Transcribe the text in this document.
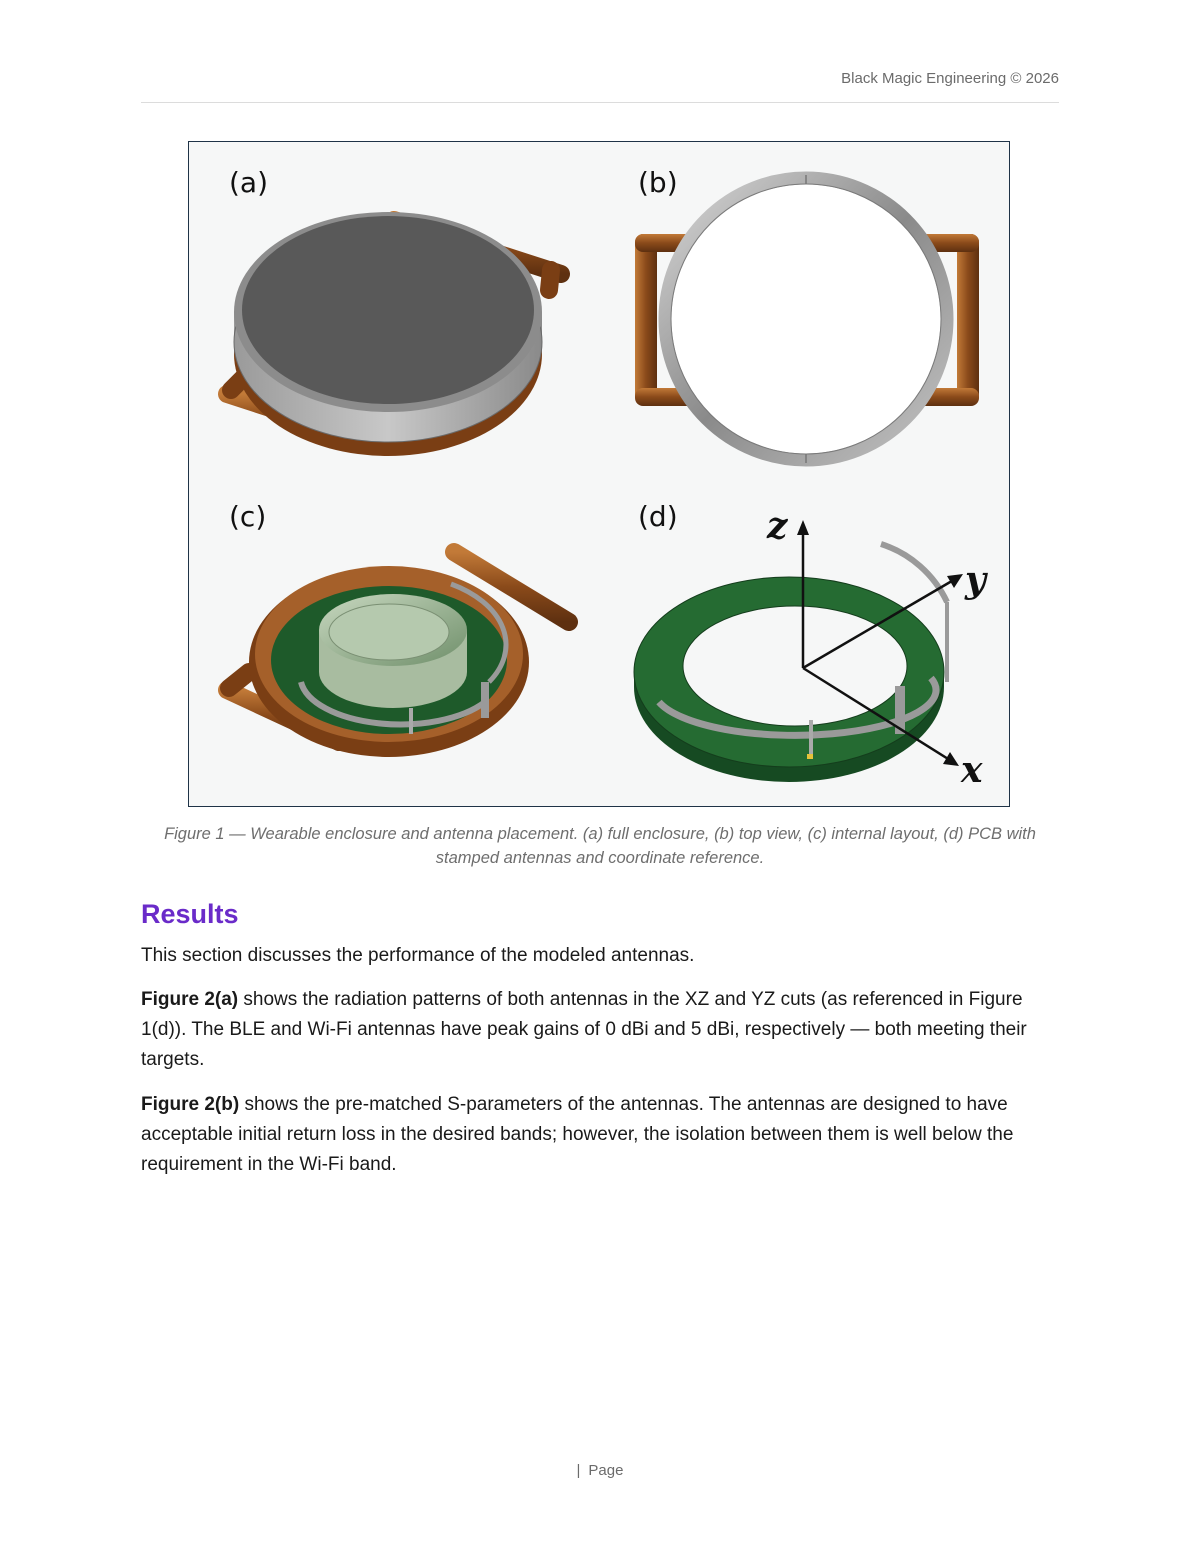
Black Magic Engineering © 2026
(a)	(b)
(c)	(d) z
y
x
Figure 1 — Wearable enclosure and antenna placement. (a) full enclosure, (b) top view, (c) internal layout, (d) PCB with stamped antennas and coordinate reference.
Results
This section discusses the performance of the modeled antennas.
Figure 2(a) shows the radiation patterns of both antennas in the XZ and YZ cuts (as referenced in Figure 1(d)). The BLE and Wi-Fi antennas have peak gains of 0 dBi and 5 dBi, respectively — both meeting their targets.
Figure 2(b) shows the pre-matched S-parameters of the antennas. The antennas are designed to have acceptable initial return loss in the desired bands; however, the isolation between them is well below the requirement in the Wi-Fi band.
| Page
